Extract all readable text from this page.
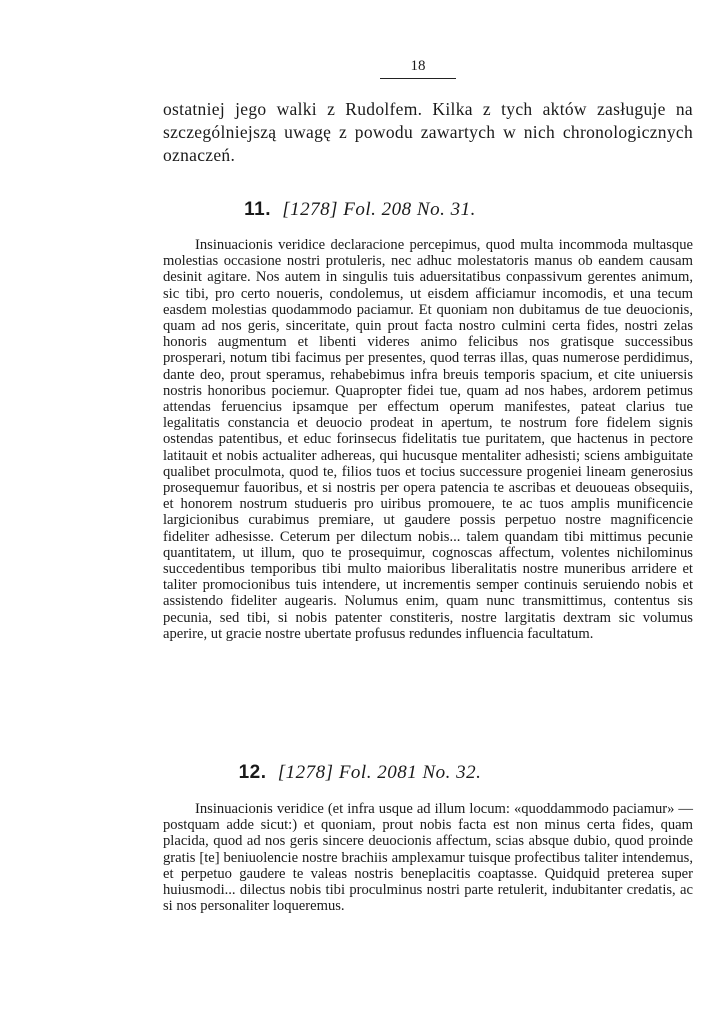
18
ostatniej jego walki z Rudolfem. Kilka z tych aktów zasługuje na szczególniejszą uwagę z powodu zawartych w nich chronologicznych oznaczeń.
11. [1278] Fol. 208 No. 31.

Insinuacionis veridice declaracione percepimus, quod multa incommoda multasque molestias occasione nostri protuleris, nec adhuc molestatoris manus ob eandem causam desinit agitare. Nos autem in singulis tuis aduersitatibus conpassivum gerentes animum, sic tibi, pro certo noueris, condolemus, ut eisdem afficiamur incomodis, et una tecum easdem molestias quodammodo paciamur. Et quoniam non dubitamus de tue deuocionis, quam ad nos geris, sinceritate, quin prout facta nostro culmini certa fides, nostri zelas honoris augmentum et libenti videres animo felicibus nos gratisque successibus prosperari, notum tibi facimus per presentes, quod terras illas, quas numerose perdidimus, dante deo, prout speramus, rehabebimus infra breuis temporis spacium, et cite uniuersis nostris honoribus pociemur. Quapropter fidei tue, quam ad nos habes, ardorem petimus attendas feruencius ipsamque per effectum operum manifestes, pateat clarius tue legalitatis constancia et deuocio prodeat in apertum, te nostrum fore fidelem signis ostendas patentibus, et educ forinsecus fidelitatis tue puritatem, que hactenus in pectore latitauit et nobis actualiter adhereas, qui hucusque mentaliter adhesisti; sciens ambiguitate qualibet proculmota, quod te, filios tuos et tocius successure progeniei lineam generosius prosequemur fauoribus, et si nostris per opera patencia te ascribas et deuoueas obsequiis, et honorem nostrum studueris pro uiribus promouere, te ac tuos amplis munificencie largicionibus curabimus premiare, ut gaudere possis perpetuo nostre magnificencie fideliter adhesisse. Ceterum per dilectum nobis... talem quandam tibi mittimus pecunie quantitatem, ut illum, quo te prosequimur, cognoscas affectum, volentes nichilominus succedentibus temporibus tibi multo maioribus liberalitatis nostre muneribus arridere et taliter promocionibus tuis intendere, ut incrementis semper continuis seruiendo nobis et assistendo fideliter augearis. Nolumus enim, quam nunc transmittimus, contentus sis pecunia, sed tibi, si nobis patenter constiteris, nostre largitatis dextram sic volumus aperire, ut gracie nostre ubertate profusus redundes influencia facultatum.

12. [1278] Fol. 2081 No. 32.

Insinuacionis veridice (et infra usque ad illum locum: «quoddammodo paciamur» — postquam adde sicut:) et quoniam, prout nobis facta est non minus certa fides, quam placida, quod ad nos geris sincere deuocionis affectum, scias absque dubio, quod proinde gratis [te] beniuolencie nostre brachiis amplexamur tuisque profectibus taliter intendemus, et perpetuo gaudere te valeas nostris beneplacitis coaptasse. Quidquid preterea super huiusmodi... dilectus nobis tibi proculminus nostri parte retulerit, indubitanter credatis, ac si nos personaliter loqueremus.
